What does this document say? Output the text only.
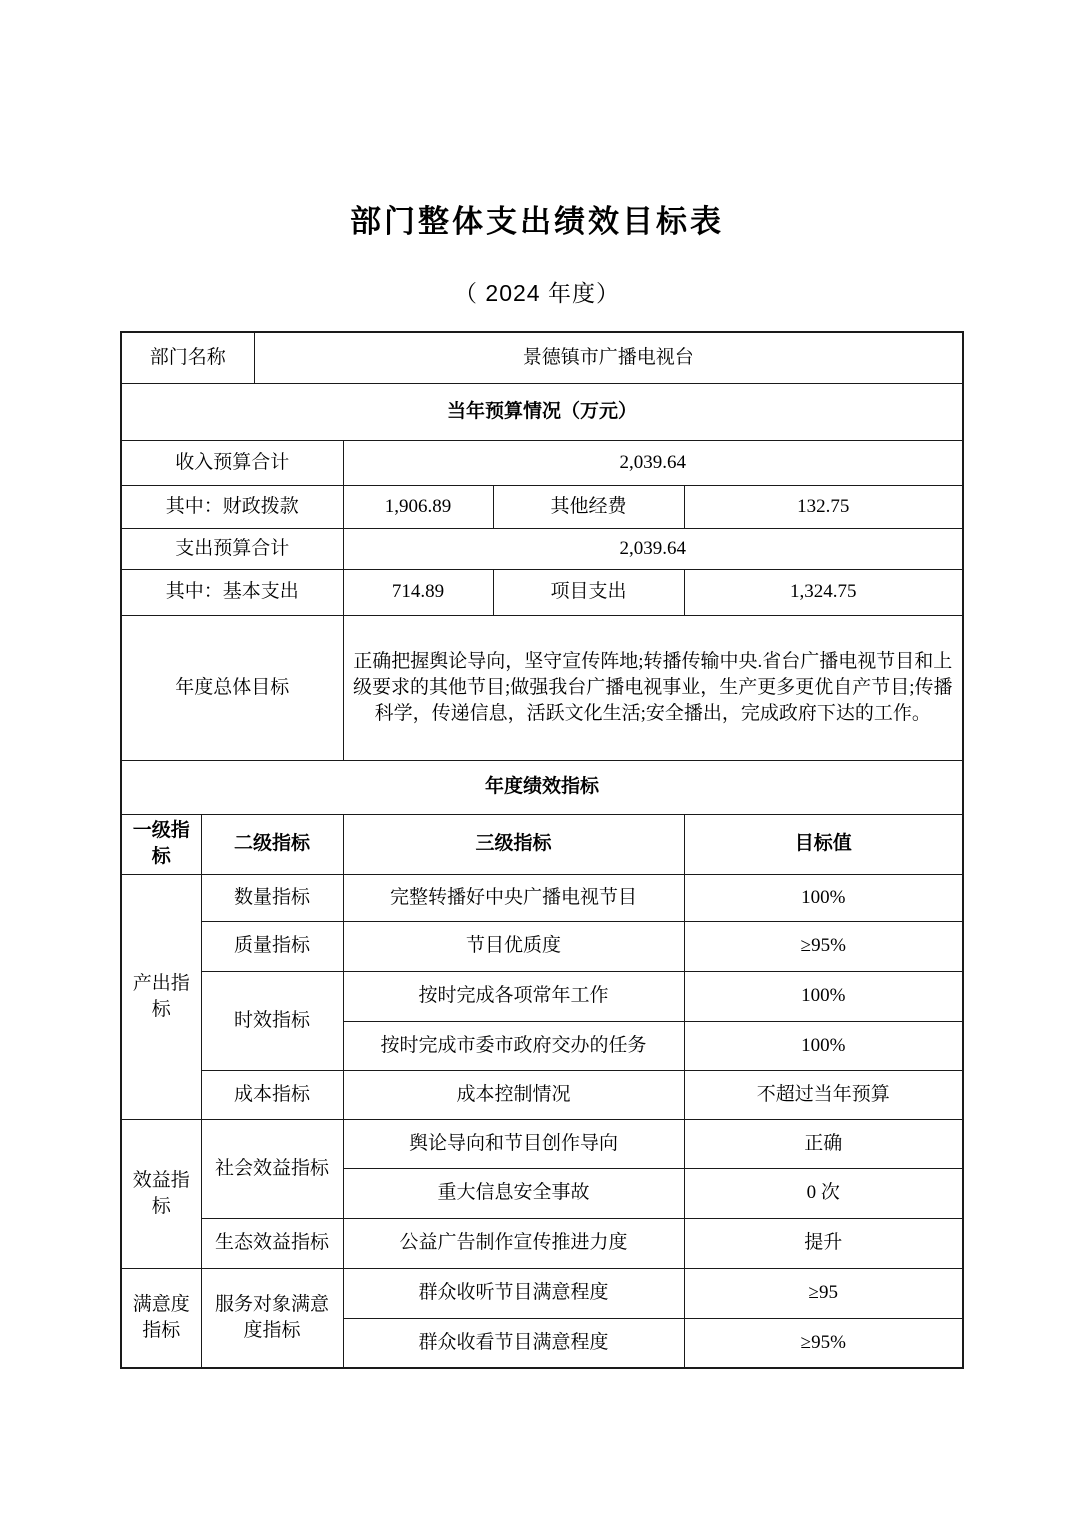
部门整体支出绩效目标表
（ 2024 年度）
部门名称		景德镇市广播电视台			
当年预算情况（万元）					
收入预算合计			2,039.64		
其中：财政拨款			1,906.89	其他经费	132.75
支出预算合计			2,039.64		
其中：基本支出			714.89	项目支出	1,324.75
年度总体目标			正确把握舆论导向，坚守宣传阵地;转播传输中央.省台广播电视节目和上级要求的其他节目;做强我台广播电视事业，生产更多更优自产节目;传播科学，传递信息，活跃文化生活;安全播出，完成政府下达的工作。		
年度绩效指标					
一级指标	二级指标		三级指标		目标值
产出指标	数量指标		完整转播好中央广播电视节目		100%
	质量指标		节目优质度		≥95%
	时效指标		按时完成各项常年工作		100%
			按时完成市委市政府交办的任务		100%
	成本指标		成本控制情况		不超过当年预算
效益指标	社会效益指标		舆论导向和节目创作导向		正确
			重大信息安全事故		0 次
	生态效益指标		公益广告制作宣传推进力度		提升
满意度指标	服务对象满意度指标		群众收听节目满意程度		≥95
			群众收看节目满意程度		≥95%
